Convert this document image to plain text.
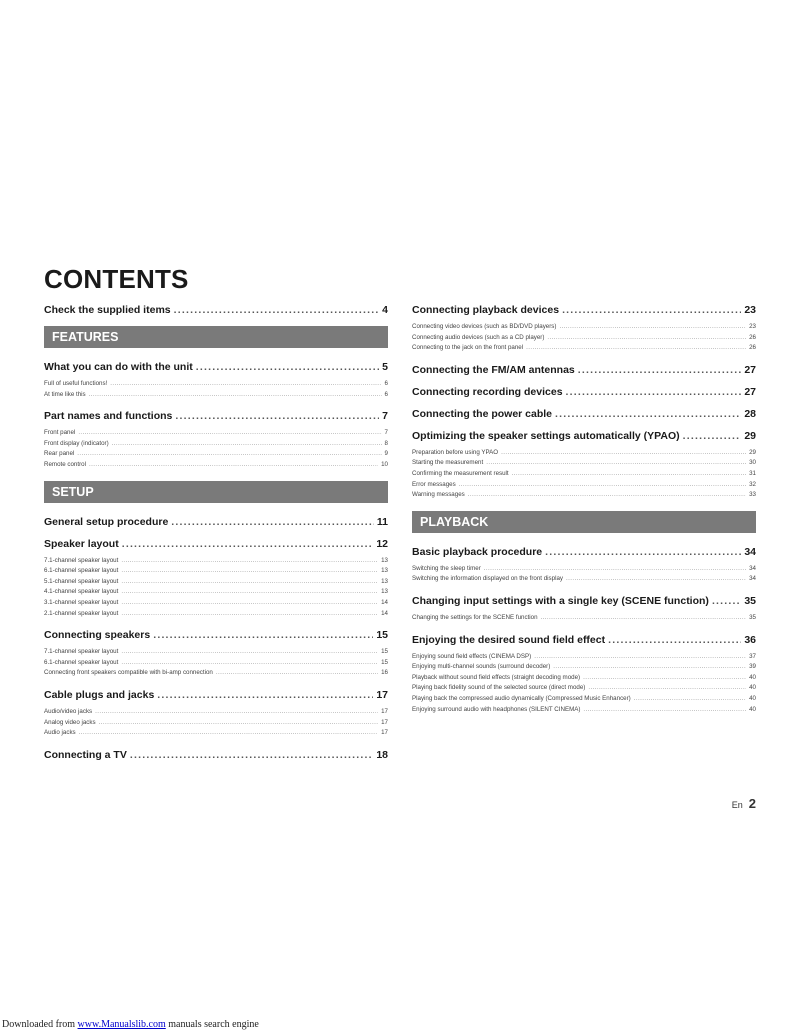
CONTENTS
Check the supplied items .....	4
FEATURES
What you can do with the unit .....	5
Full of useful functions! .....	6
At time like this .....	6
Part names and functions .....	7
Front panel .....	7
Front display (indicator) .....	8
Rear panel .....	9
Remote control .....	10
SETUP
General setup procedure .....	11
Speaker layout .....	12
7.1-channel speaker layout .....	13
6.1-channel speaker layout .....	13
5.1-channel speaker layout .....	13
4.1-channel speaker layout .....	13
3.1-channel speaker layout .....	14
2.1-channel speaker layout .....	14
Connecting speakers .....	15
7.1-channel speaker layout .....	15
6.1-channel speaker layout .....	15
Connecting front speakers compatible with bi-amp connection .....	16
Cable plugs and jacks .....	17
Audio/video jacks .....	17
Analog video jacks .....	17
Audio jacks .....	17
Connecting a TV .....	18
Connecting playback devices .....	23
Connecting video devices (such as BD/DVD players) .....	23
Connecting audio devices (such as a CD player) .....	26
Connecting to the jack on the front panel .....	26
Connecting the FM/AM antennas .....	27
Connecting recording devices .....	27
Connecting the power cable .....	28
Optimizing the speaker settings automatically (YPAO) .....	29
Preparation before using YPAO .....	29
Starting the measurement .....	30
Confirming the measurement result .....	31
Error messages .....	32
Warning messages .....	33
PLAYBACK
Basic playback procedure .....	34
Switching the sleep timer .....	34
Switching the information displayed on the front display .....	34
Changing input settings with a single key (SCENE function) .....	35
Changing the settings for the SCENE function .....	35
Enjoying the desired sound field effect .....	36
Enjoying sound field effects (CINEMA DSP) .....	37
Enjoying multi-channel sounds (surround decoder) .....	39
Playback without sound field effects (straight decoding mode) .....	40
Playing back fidelity sound of the selected source (direct mode) .....	40
Playing back the compressed audio dynamically (Compressed Music Enhancer) .....	40
Enjoying surround audio with headphones (SILENT CINEMA) .....	40
En 2
Downloaded from www.Manualslib.com manuals search engine
